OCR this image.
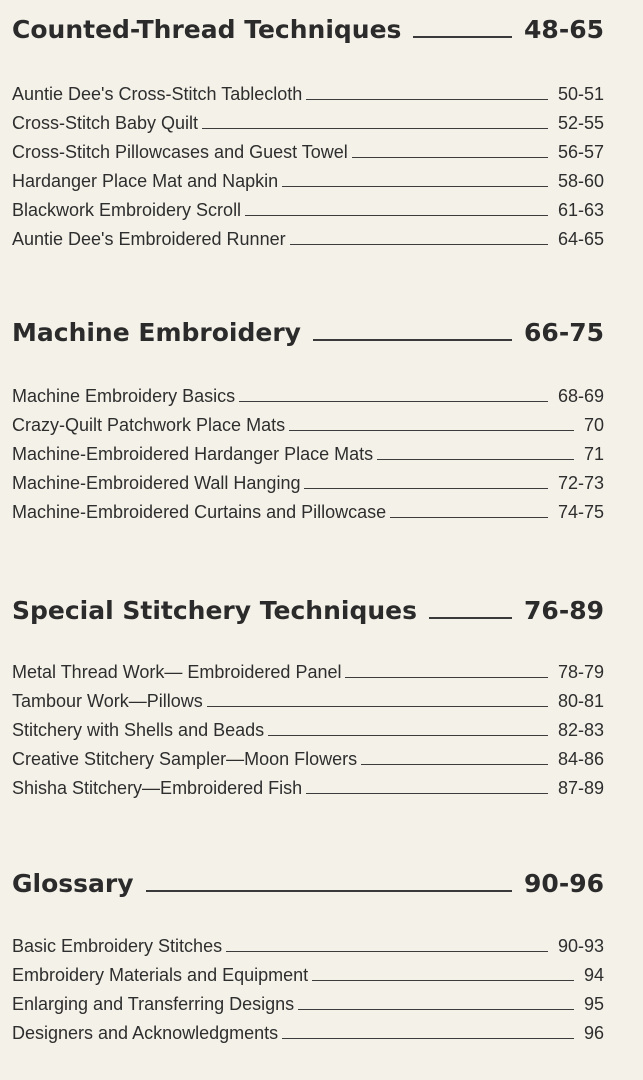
Counted-Thread Techniques	48-65
Auntie Dee's Cross-Stitch Tablecloth	50-51
Cross-Stitch Baby Quilt	52-55
Cross-Stitch Pillowcases and Guest Towel	56-57
Hardanger Place Mat and Napkin	58-60
Blackwork Embroidery Scroll	61-63
Auntie Dee's Embroidered Runner	64-65
Machine Embroidery	66-75
Machine Embroidery Basics	68-69
Crazy-Quilt Patchwork Place Mats	70
Machine-Embroidered Hardanger Place Mats	71
Machine-Embroidered Wall Hanging	72-73
Machine-Embroidered Curtains and Pillowcase	74-75
Special Stitchery Techniques	76-89
Metal Thread Work— Embroidered Panel	78-79
Tambour Work—Pillows	80-81
Stitchery with Shells and Beads	82-83
Creative Stitchery Sampler—Moon Flowers	84-86
Shisha Stitchery—Embroidered Fish	87-89
Glossary	90-96
Basic Embroidery Stitches	90-93
Embroidery Materials and Equipment	94
Enlarging and Transferring Designs	95
Designers and Acknowledgments	96
